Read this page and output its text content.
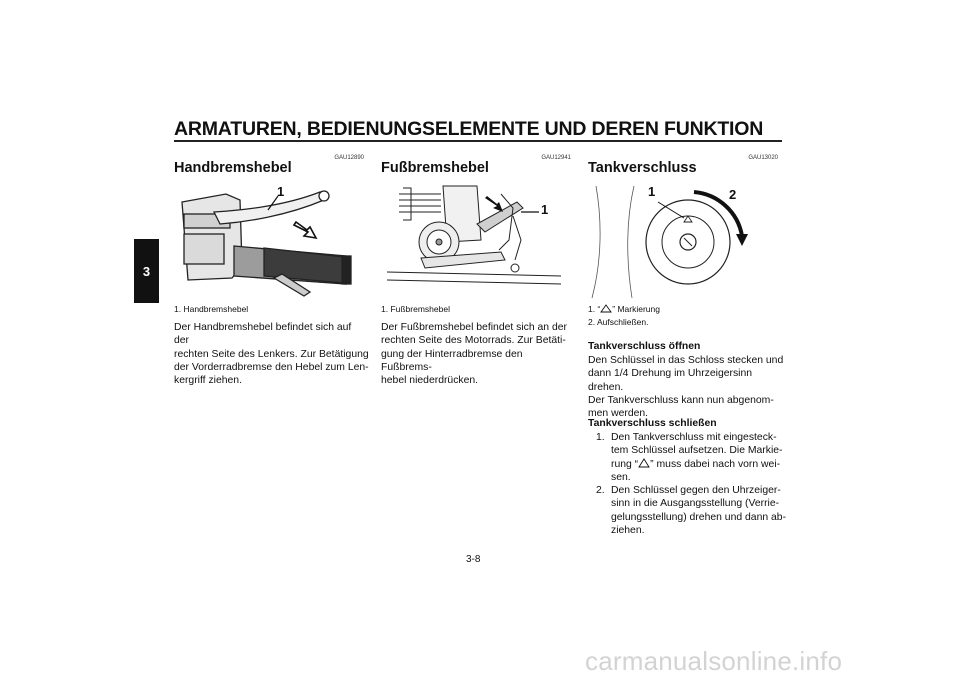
ARMATUREN, BEDIENUNGSELEMENTE UND DEREN FUNKTION
3
GAU12890
Handbremshebel
1
1. Handbremshebel

Der Handbremshebel befindet sich auf der

rechten Seite des Lenkers. Zur Betätigung

der Vorderradbremse den Hebel zum Len-

kergriff ziehen.

GAU12941
Fußbremshebel
1
1. Fußbremshebel

Der Fußbremshebel befindet sich an der

rechten Seite des Motorrads. Zur Betäti-

gung der Hinterradbremse den Fußbrems-

hebel niederdrücken.

GAU13020
Tankverschluss
1	2
1. “ ” Markierung
2. Aufschließen.
Tankverschluss öffnen

Den Schlüssel in das Schloss stecken und

dann 1/4 Drehung im Uhrzeigersinn drehen.

Der Tankverschluss kann nun abgenom-

men werden.

Tankverschluss schließen
1. Den Tankverschluss mit eingesteck-
tem Schlüssel aufsetzen. Die Markie-
rung “ ” muss dabei nach vorn wei-
sen.
2. Den Schlüssel gegen den Uhrzeiger-
sinn in die Ausgangsstellung (Verrie-
gelungsstellung) drehen und dann ab-
ziehen.
3-8
carmanualsonline.info
